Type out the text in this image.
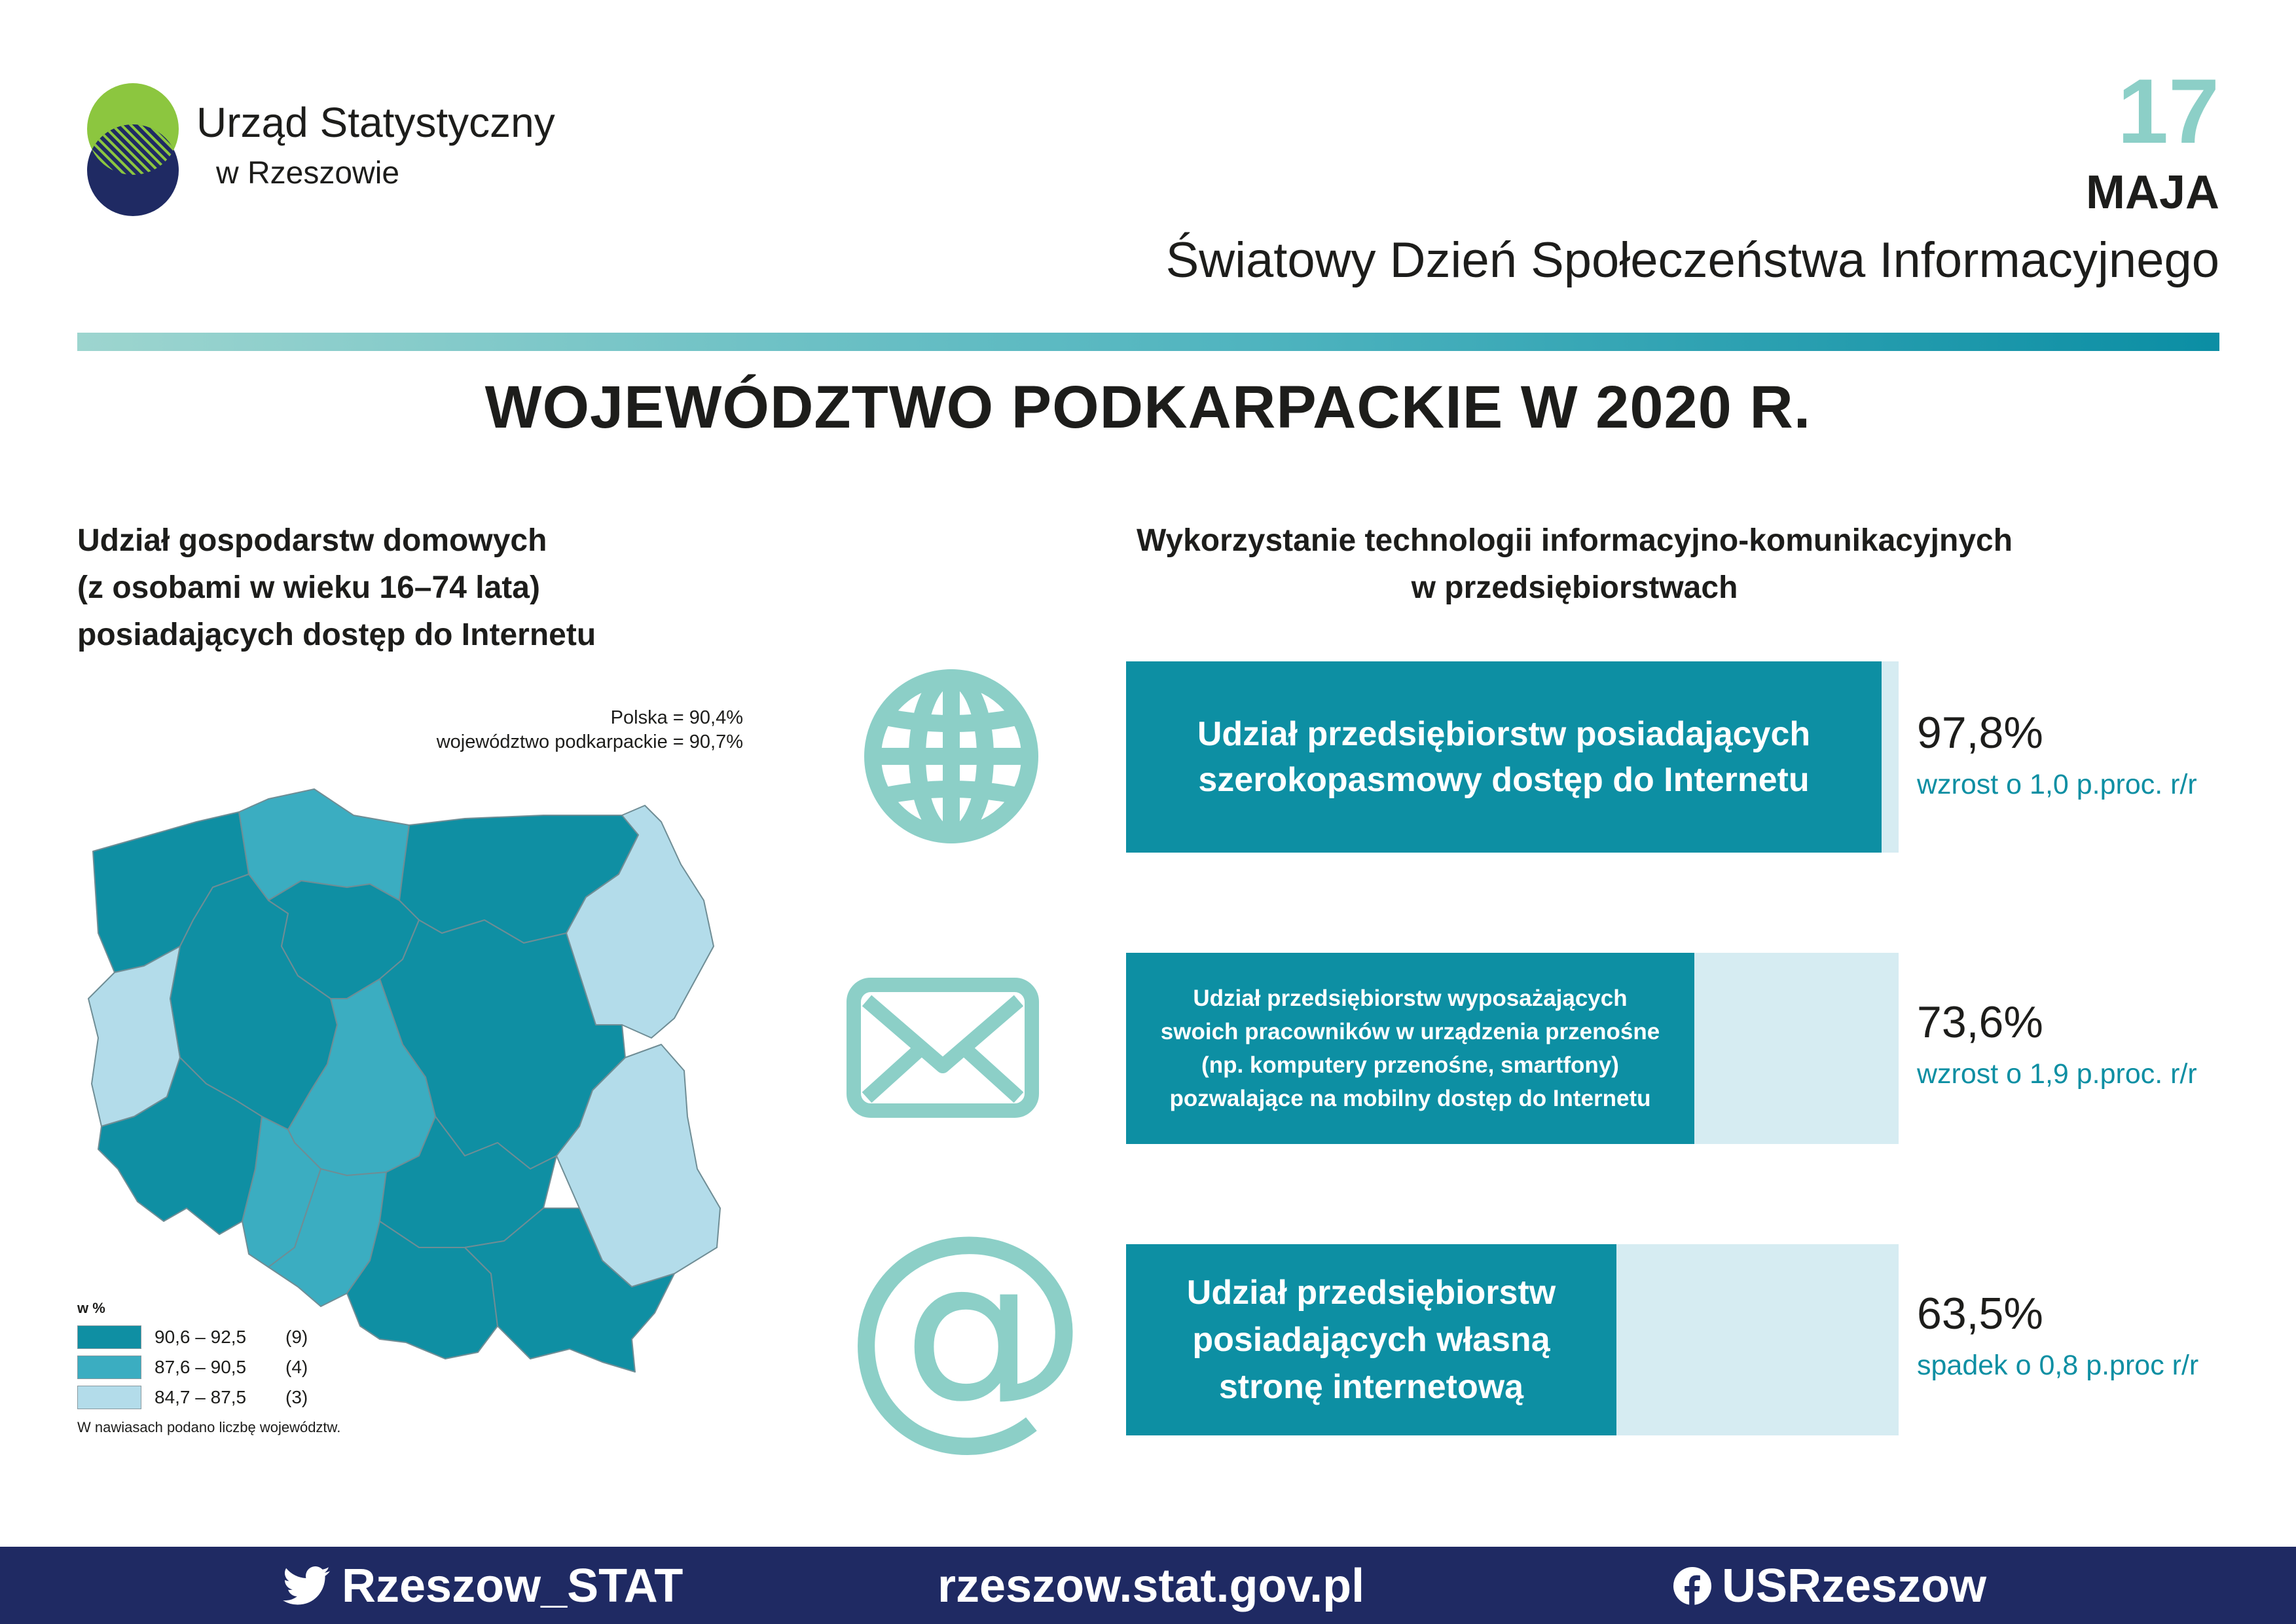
Urząd Statystyczny
w Rzeszowie
17
MAJA
Światowy Dzień Społeczeństwa Informacyjnego
WOJEWÓDZTWO PODKARPACKIE W 2020 R.
Udział gospodarstw domowych
(z osobami w wieku 16–74 lata)
posiadających dostęp do Internetu
Polska = 90,4%
województwo podkarpackie = 90,7%
w %
90,6 – 92,5	(9)
87,6 – 90,5	(4)
84,7 – 87,5	(3)
W nawiasach podano liczbę województw.
Wykorzystanie technologii informacyjno-komunikacyjnych
w przedsiębiorstwach
@
Udział przedsiębiorstw posiadających
szerokopasmowy dostęp do Internetu
97,8%
wzrost o 1,0 p.proc. r/r
Udział przedsiębiorstw wyposażających
swoich pracowników w urządzenia przenośne
(np. komputery przenośne, smartfony)
pozwalające na mobilny dostęp do Internetu
73,6%
wzrost o 1,9 p.proc. r/r
Udział przedsiębiorstw
posiadających własną
stronę internetową
63,5%
spadek o 0,8 p.proc r/r
Rzeszow_STAT	rzeszow.stat.gov.pl	USRzeszow
